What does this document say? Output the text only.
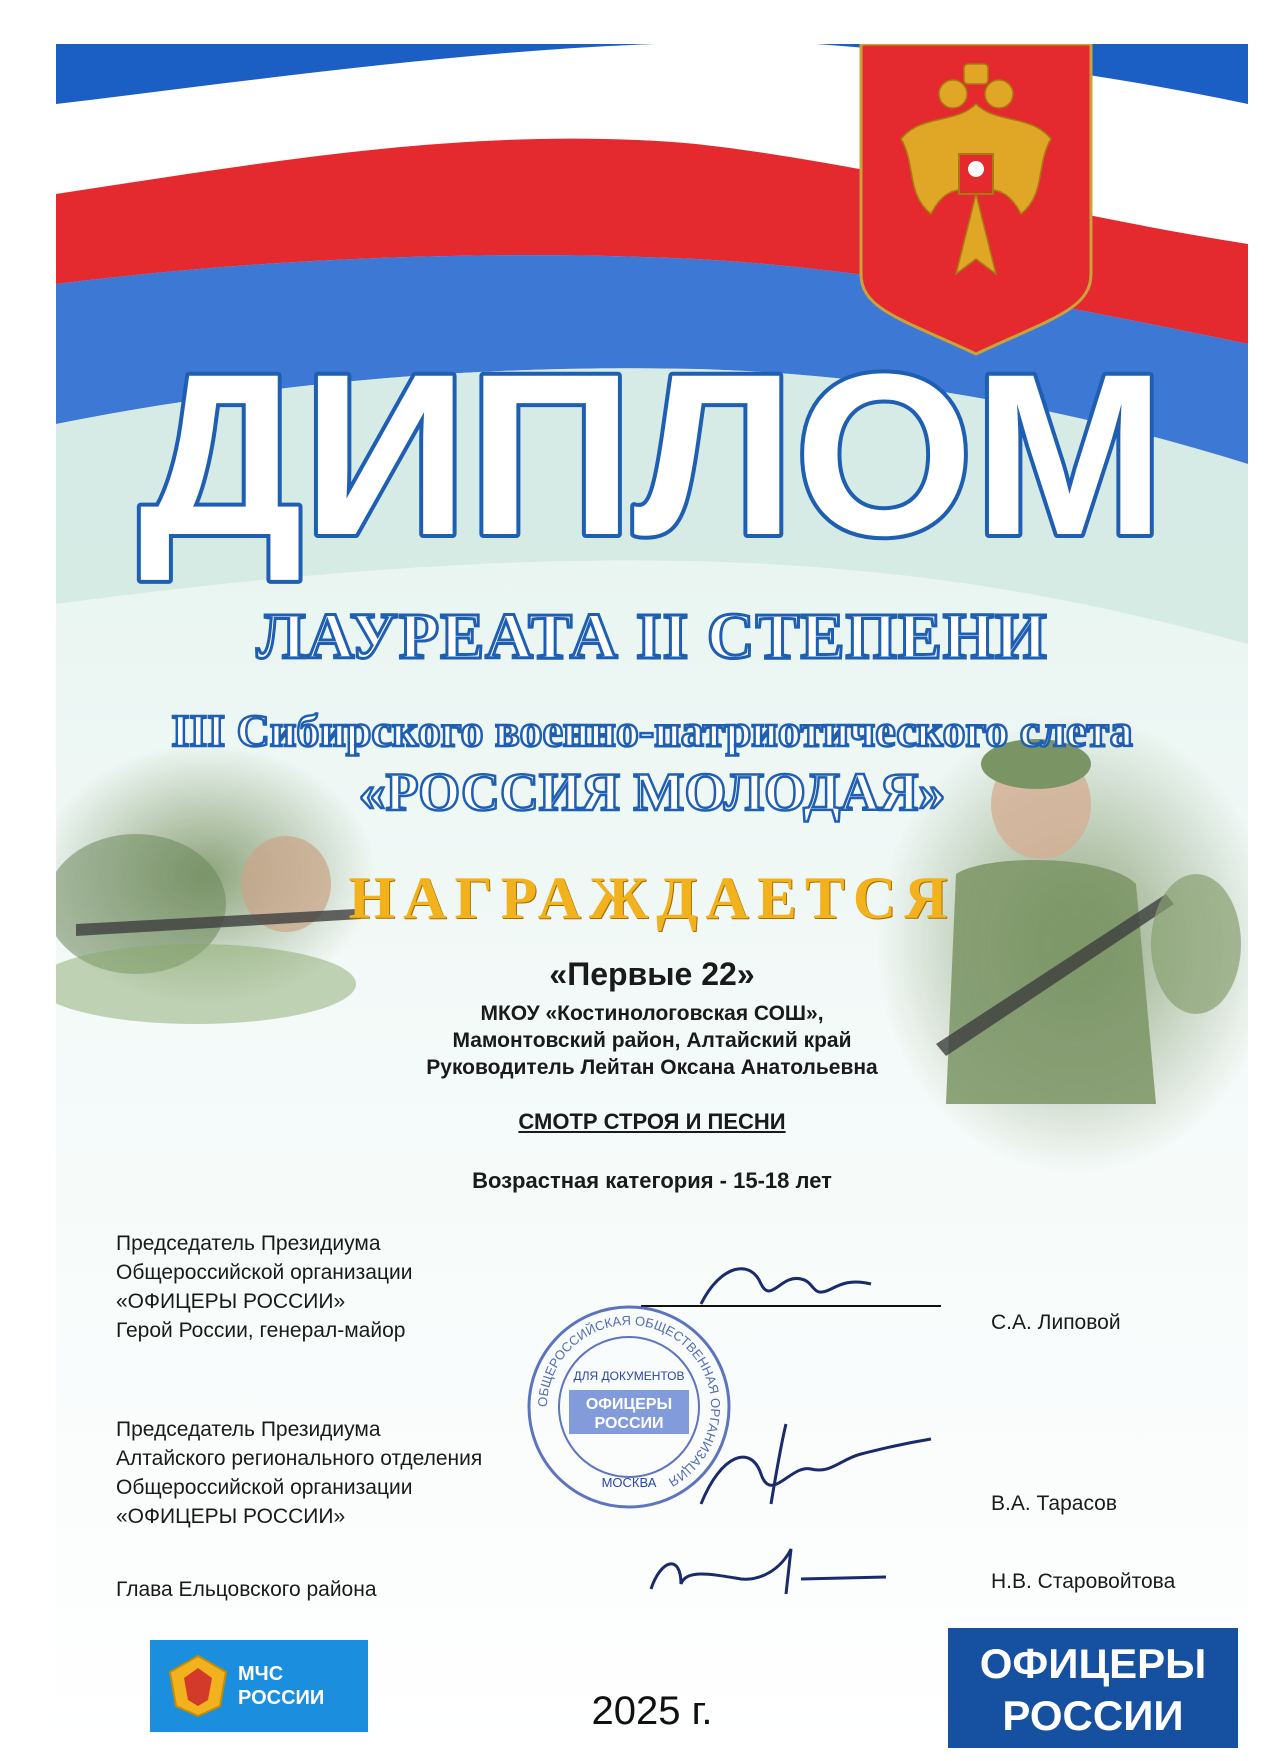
ДИПЛОМ
ЛАУРЕАТА II СТЕПЕНИ
III Сибирского военно-патриотического слета
«РОССИЯ МОЛОДАЯ»
НАГРАЖДАЕТСЯ
«Первые 22»
МКОУ «Костинологовская СОШ»,
Мамонтовский район, Алтайский край
Руководитель Лейтан Оксана Анатольевна
СМОТР СТРОЯ И ПЕСНИ
Возрастная категория - 15-18 лет
Председатель Президиума
Общероссийской организации
«ОФИЦЕРЫ РОССИИ»
Герой России, генерал-майор	С.А. Липовой
Председатель Президиума
Алтайского регионального отделения
Общероссийской организации
«ОФИЦЕРЫ РОССИИ»
В.А. Тарасов
Глава Ельцовского района	Н.В. Старовойтова
ОБЩЕРОССИЙСКАЯ ОБЩЕСТВЕННАЯ ОРГАНИЗАЦИЯ
ДЛЯ ДОКУМЕНТОВ
ОФИЦЕРЫ
РОССИИ
МОСКВА
МЧС
РОССИИ	2025 г.
ОФИЦЕРЫ
РОССИИ
